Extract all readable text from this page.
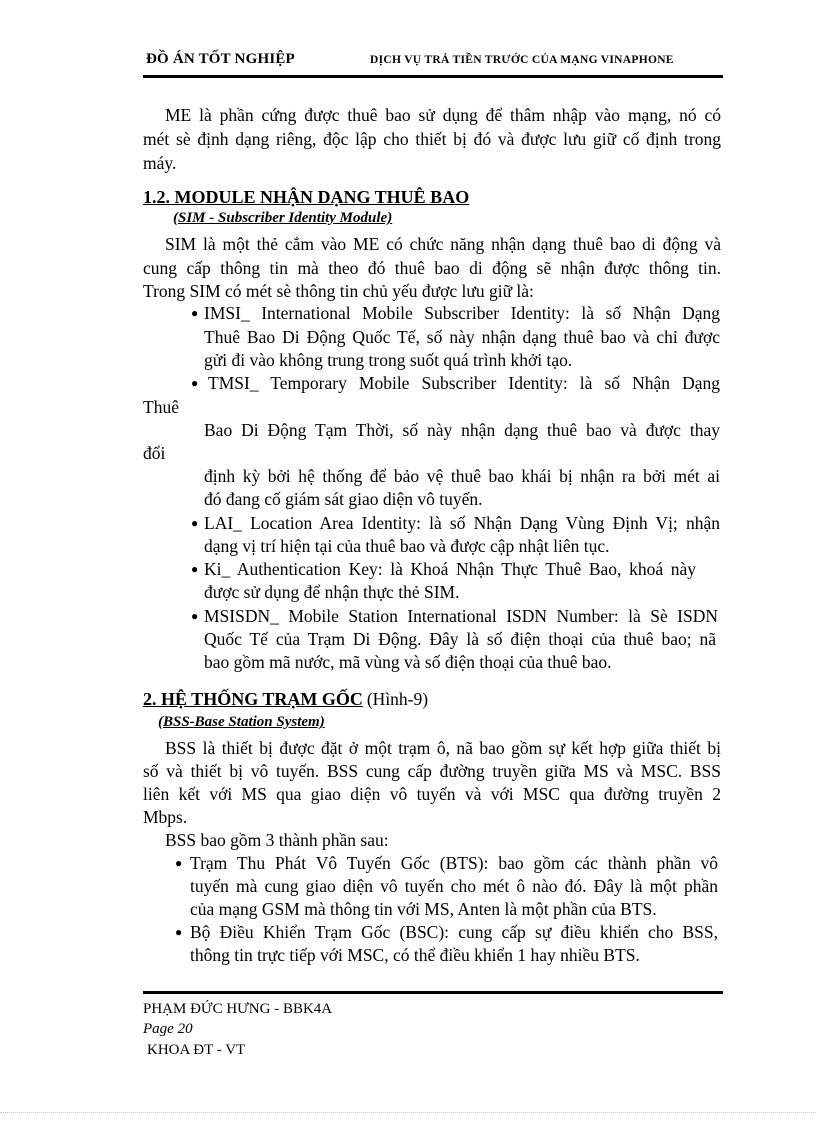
ĐỒ ÁN TỐT NGHIỆP	DỊCH VỤ TRẢ TIỀN TRƯỚC CỦA MẠNG VINAPHONE
ME là phần cứng được thuê bao sử dụng để thâm nhập vào mạng, nó có
mét sè định dạng riêng, độc lập cho thiết bị đó và được lưu giữ cố định trong
máy.
1.2. MODULE NHẬN DẠNG THUÊ BAO
(SIM - Subscriber Identity Module)
SIM là một thẻ cắm vào ME có chức năng nhận dạng thuê bao di động và
cung cấp thông tin mà theo đó thuê bao di động sẽ nhận được thông tin.
Trong SIM có mét sè thông tin chủ yếu được lưu giữ là:
● IMSI_ International Mobile Subscriber Identity: là số Nhận Dạng
Thuê Bao Di Động Quốc Tế, số này nhận dạng thuê bao và chỉ được
gửi đi vào không trung trong suốt quá trình khởi tạo.
● TMSI_ Temporary Mobile Subscriber Identity: là số Nhận Dạng
Thuê
Bao Di Động Tạm Thời, số này nhận dạng thuê bao và được thay
đổi
định kỳ bởi hệ thống để bảo vệ thuê bao khái bị nhận ra bởi mét ai
đó đang cố giám sát giao diện vô tuyến.
● LAI_ Location Area Identity: là số Nhận Dạng Vùng Định Vị; nhận
dạng vị trí hiện tại của thuê bao và được cập nhật liên tục.
● Ki_ Authentication Key: là Khoá Nhận Thực Thuê Bao, khoá này
được sử dụng để nhận thực thẻ SIM.
● MSISDN_ Mobile Station International ISDN Number: là Sè ISDN
Quốc Tế của Trạm Di Động. Đây là số điện thoại của thuê bao; nã
bao gồm mã nước, mã vùng và số điện thoại của thuê bao.
2. HỆ THỐNG TRẠM GỐC (Hình-9)
(BSS-Base Station System)
BSS là thiết bị được đặt ở một trạm ô, nã bao gồm sự kết hợp giữa thiết bị
số và thiết bị vô tuyến. BSS cung cấp đường truyền giữa MS và MSC. BSS
liên kết với MS qua giao diện vô tuyến và với MSC qua đường truyền 2
Mbps.
BSS bao gồm 3 thành phần sau:
● Trạm Thu Phát Vô Tuyến Gốc (BTS): bao gồm các thành phần vô
tuyến mà cung giao diện vô tuyến cho mét ô nào đó. Đây là một phần
của mạng GSM mà thông tin với MS, Anten là một phần của BTS.
● Bộ Điều Khiển Trạm Gốc (BSC): cung cấp sự điều khiển cho BSS,
thông tin trực tiếp với MSC, có thể điều khiển 1 hay nhiều BTS.
PHẠM ĐỨC HƯNG - BBK4A
Page 20
KHOA ĐT - VT
